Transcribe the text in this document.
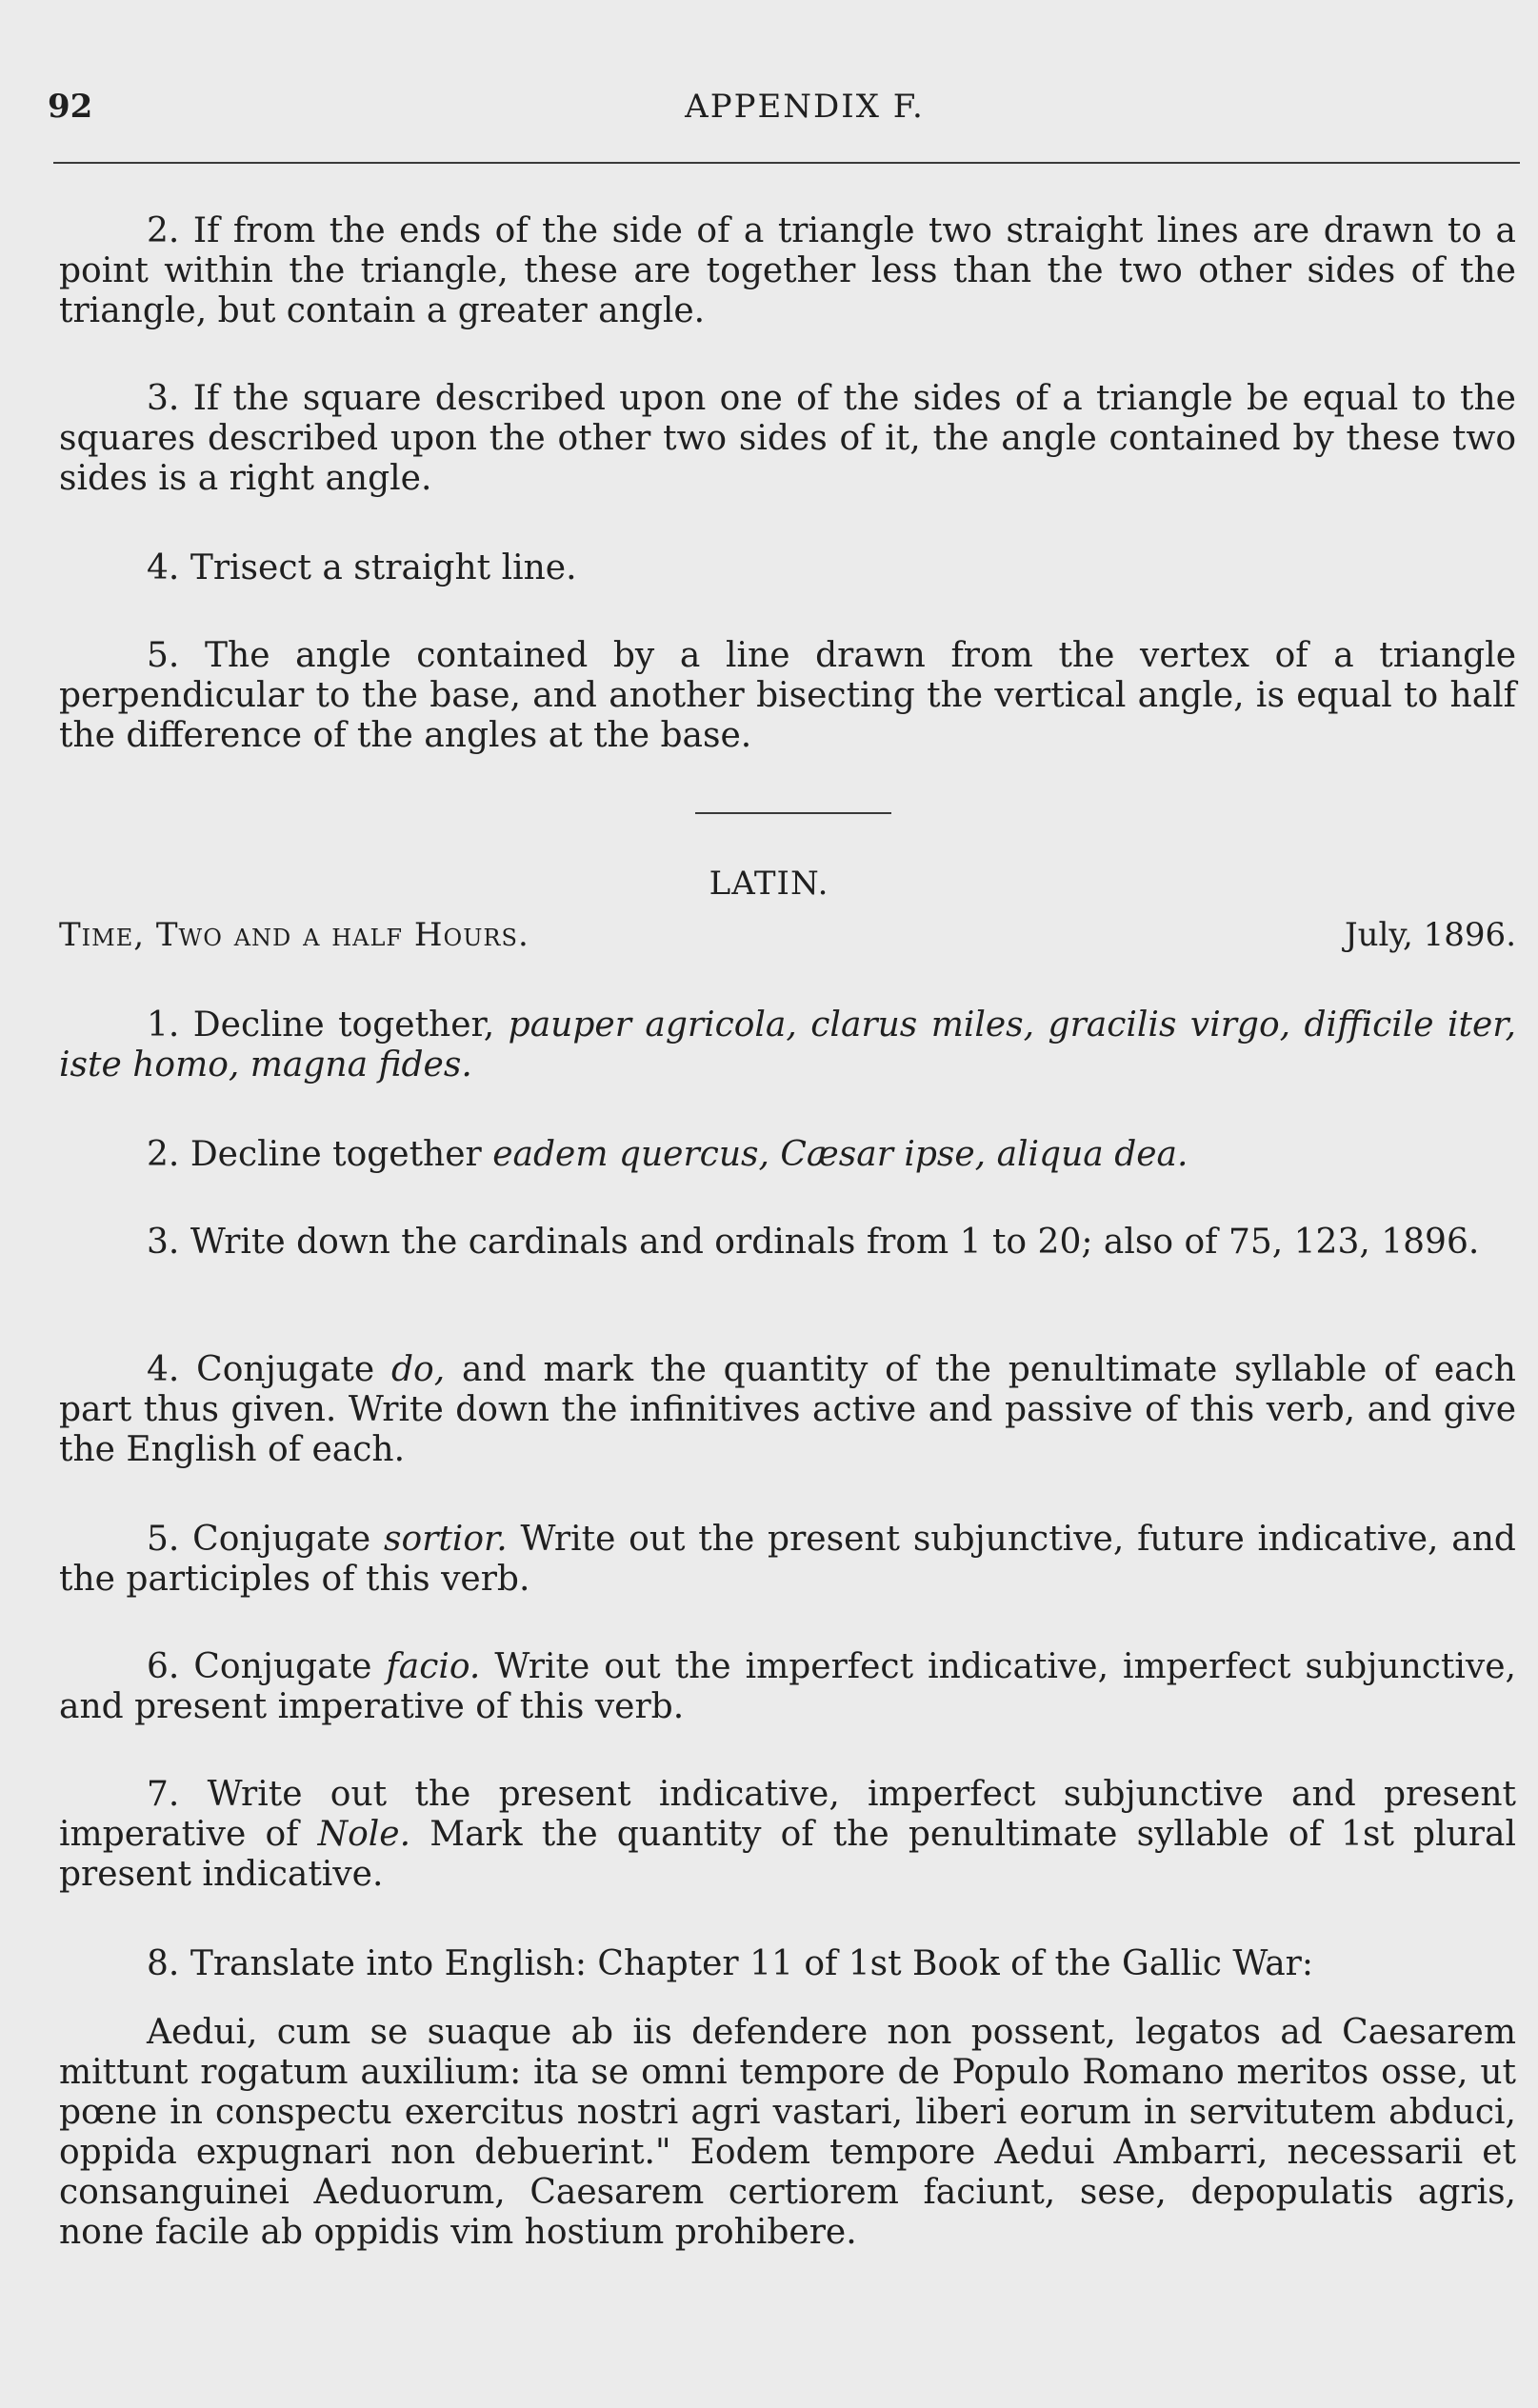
92	APPENDIX F.

2. If from the ends of the side of a triangle two straight lines are drawn to a point within the triangle, these are together less than the two other sides of the triangle, but contain a greater angle.

3. If the square described upon one of the sides of a triangle be equal to the squares described upon the other two sides of it, the angle contained by these two sides is a right angle.

4. Trisect a straight line.

5. The angle contained by a line drawn from the vertex of a triangle perpendicular to the base, and another bisecting the vertical angle, is equal to half the difference of the angles at the base.

LATIN.
Time, Two and a half Hours.	July, 1896.

1. Decline together, pauper agricola, clarus miles, gracilis virgo, difficile iter, iste homo, magna fides.

2. Decline together eadem quercus, Cæsar ipse, aliqua dea.

3. Write down the cardinals and ordinals from 1 to 20; also of 75, 123, 1896.

4. Conjugate do, and mark the quantity of the penultimate syllable of each part thus given. Write down the infinitives active and passive of this verb, and give the English of each.

5. Conjugate sortior. Write out the present subjunctive, future indicative, and the participles of this verb.

6. Conjugate facio. Write out the imperfect indicative, imperfect subjunctive, and present imperative of this verb.

7. Write out the present indicative, imperfect subjunctive and present imperative of Nole. Mark the quantity of the penultimate syllable of 1st plural present indicative.

8. Translate into English: Chapter 11 of 1st Book of the Gallic War:

Aedui, cum se suaque ab iis defendere non possent, legatos ad Caesarem mittunt rogatum auxilium: ita se omni tempore de Populo Romano meritos osse, ut pœne in conspectu exercitus nostri agri vastari, liberi eorum in servitutem abduci, oppida expugnari non debuerint." Eodem tempore Aedui Ambarri, necessarii et consanguinei Aeduorum, Caesarem certiorem faciunt, sese, depopulatis agris, none facile ab oppidis vim hostium prohibere.
